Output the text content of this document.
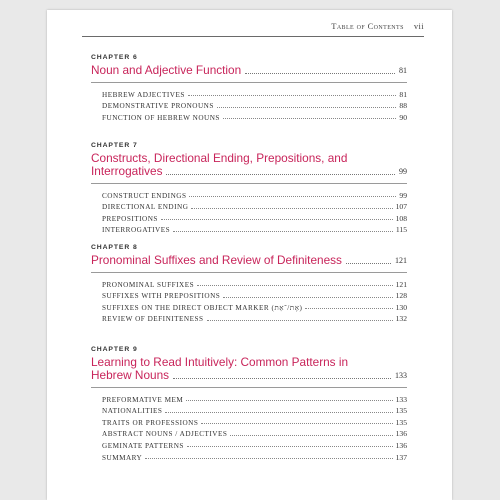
Table of Contents vii
CHAPTER 6
Noun and Adjective Function	81
HEBREW ADJECTIVES	81
DEMONSTRATIVE PRONOUNS	88
FUNCTION OF HEBREW NOUNS	90
CHAPTER 7
Constructs, Directional Ending, Prepositions, and
Interrogatives	99
CONSTRUCT ENDINGS	99
DIRECTIONAL ENDING	107
PREPOSITIONS	108
INTERROGATIVES	115
CHAPTER 8
Pronominal Suffixes and Review of Definiteness	121
PRONOMINAL SUFFIXES	121
SUFFIXES WITH PREPOSITIONS	128
SUFFIXES ON THE DIRECT OBJECT MARKER (אֶת/־אֵת)	130
REVIEW OF DEFINITENESS	132
CHAPTER 9
Learning to Read Intuitively: Common Patterns in
Hebrew Nouns	133
PREFORMATIVE MEM	133
NATIONALITIES	135
TRAITS OR PROFESSIONS	135
ABSTRACT NOUNS / ADJECTIVES	136
GEMINATE PATTERNS	136
SUMMARY	137
